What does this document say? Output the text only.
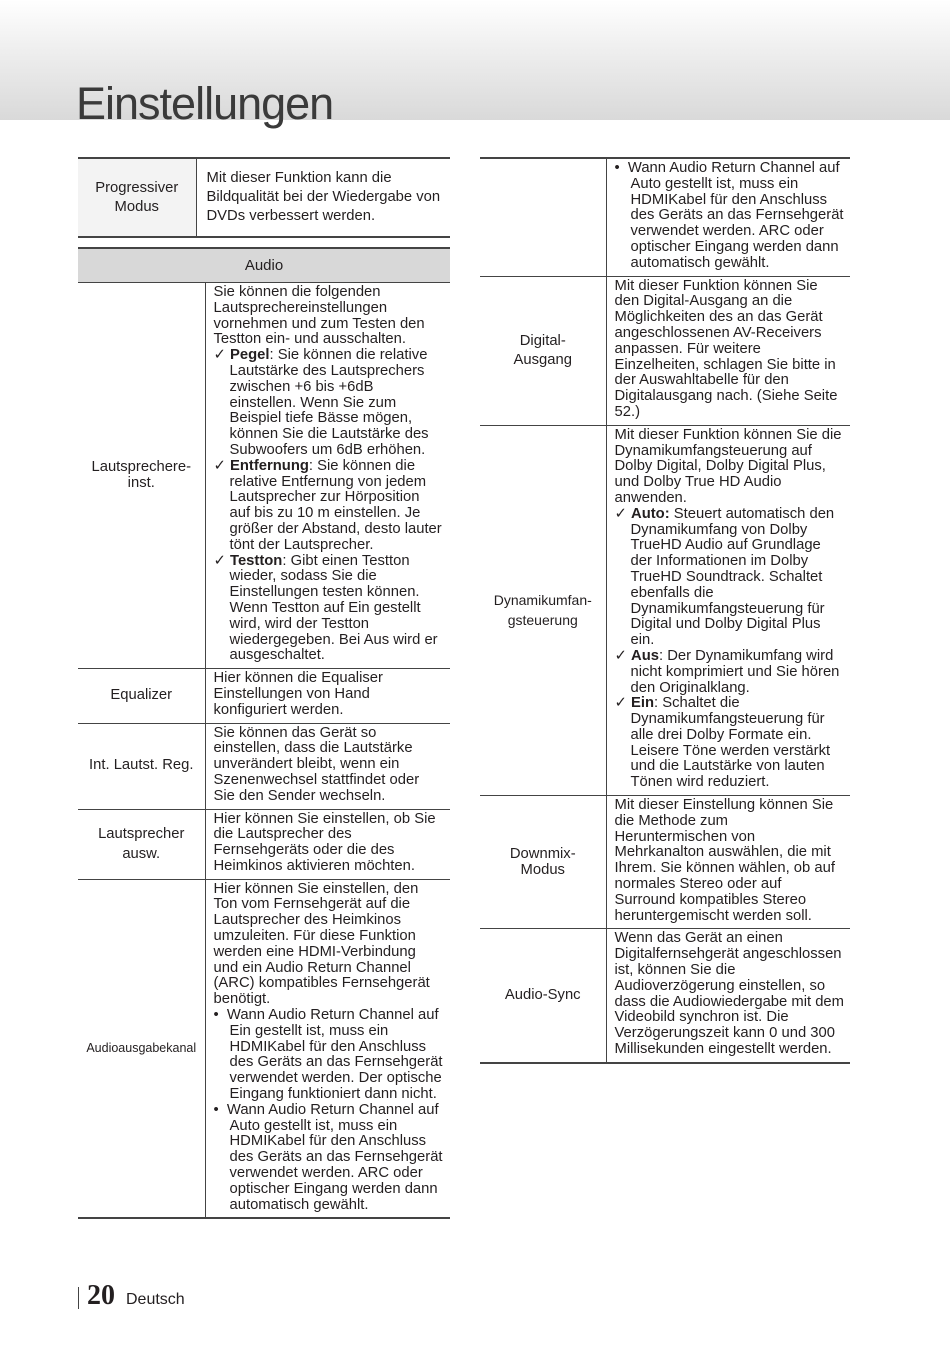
Einstellungen
Progressiver Modus	Mit dieser Funktion kann die Bildqualität bei der Wiedergabe von DVDs verbessert werden.
Audio	
Lautsprechere-inst.	Sie können die folgenden Lautsprechereinstellungen vornehmen und zum Testen den Testton ein- und ausschalten.
✓ Pegel: Sie können die relative Lautstärke des Lautsprechers zwischen +6 bis +6dB einstellen. Wenn Sie zum Beispiel tiefe Bässe mögen, können Sie die Lautstärke des Subwoofers um 6dB erhöhen.
✓ Entfernung: Sie können die relative Entfernung von jedem Lautsprecher zur Hörposition auf bis zu 10 m einstellen. Je größer der Abstand, desto lauter tönt der Lautsprecher.
✓ Testton: Gibt einen Testton wieder, sodass Sie die Einstellungen testen können. Wenn Testton auf Ein gestellt wird, wird der Testton wiedergegeben. Bei Aus wird er ausgeschaltet.

Equalizer	Hier können die Equaliser Einstellungen von Hand konfiguriert werden.
Int. Lautst. Reg.	Sie können das Gerät so einstellen, dass die Lautstärke unverändert bleibt, wenn ein Szenenwechsel stattfindet oder Sie den Sender wechseln.
Lautsprecher ausw.	Hier können Sie einstellen, ob Sie die Lautsprecher des Fernsehgeräts oder die des Heimkinos aktivieren möchten.
Audioausgabekanal	Hier können Sie einstellen, den Ton vom Fernsehgerät auf die Lautsprecher des Heimkinos umzuleiten. Für diese Funktion werden eine HDMI-Verbindung und ein Audio Return Channel (ARC) kompatibles Fernsehgerät benötigt.
•  Wann Audio Return Channel auf Ein gestellt ist, muss ein HDMIKabel für den Anschluss des Geräts an das Fernsehgerät verwendet werden. Der optische Eingang funktioniert dann nicht.
•  Wann Audio Return Channel auf Auto gestellt ist, muss ein HDMIKabel für den Anschluss des Geräts an das Fernsehgerät verwendet werden. ARC oder optischer Eingang werden dann automatisch gewählt.

	•  Wann Audio Return Channel auf Auto gestellt ist, muss ein HDMIKabel für den Anschluss des Geräts an das Fernsehgerät verwendet werden. ARC oder optischer Eingang werden dann automatisch gewählt.

Digital-Ausgang	Mit dieser Funktion können Sie den Digital-Ausgang an die Möglichkeiten des an das Gerät angeschlossenen AV-Receivers anpassen. Für weitere Einzelheiten, schlagen Sie bitte in der Auswahltabelle für den Digitalausgang nach. (Siehe Seite 52.)
Dynamikumfan-gsteuerung	Mit dieser Funktion können Sie die Dynamikumfangsteuerung auf Dolby Digital, Dolby Digital Plus, und Dolby True HD Audio anwenden.
✓ Auto: Steuert automatisch den Dynamikumfang von Dolby TrueHD Audio auf Grundlage der Informationen im Dolby TrueHD Soundtrack. Schaltet ebenfalls die Dynamikumfangsteuerung für Digital und Dolby Digital Plus ein.
✓ Aus: Der Dynamikumfang wird nicht komprimiert und Sie hören den Originalklang.
✓ Ein: Schaltet die Dynamikumfangsteuerung für alle drei Dolby Formate ein. Leisere Töne werden verstärkt und die Lautstärke von lauten Tönen wird reduziert.

Downmix-Modus	Mit dieser Einstellung können Sie die Methode zum Heruntermischen von Mehrkanalton auswählen, die mit Ihrem. Sie können wählen, ob auf normales Stereo oder auf Surround kompatibles Stereo heruntergemischt werden soll.
Audio-Sync	Wenn das Gerät an einen Digitalfernsehgerät angeschlossen ist, können Sie die Audioverzögerung einstellen, so dass die Audiowiedergabe mit dem Videobild synchron ist. Die Verzögerungszeit kann 0 und 300 Millisekunden eingestellt werden.
20 Deutsch
